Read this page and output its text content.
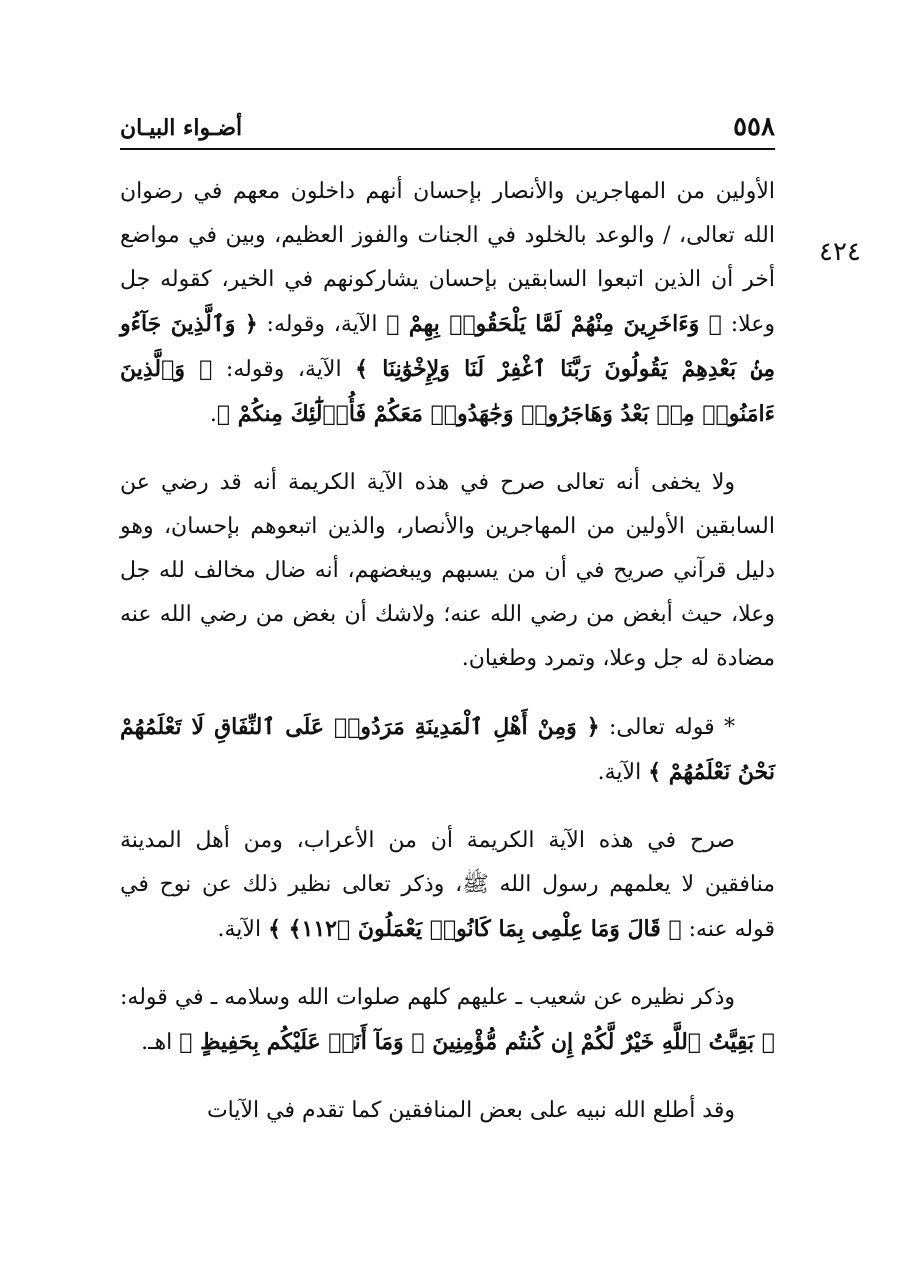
٥٥٨
أضـواء البيـان
٤٢٤

الأولين من المهاجرين والأنصار بإحسان أنهم داخلون معهم في رضوان الله تعالى، / والوعد بالخلود في الجنات والفوز العظيم، وبين في مواضع أخر أن الذين اتبعوا السابقين بإحسان يشاركونهم في الخير، كقوله جل وعلا: ﴿ وَءَاخَرِينَ مِنْهُمْ لَمَّا يَلْحَقُوا۟ بِهِمْ ﴾ الآية، وقوله: ﴿ وَٱلَّذِينَ جَآءُو مِنۢ بَعْدِهِمْ يَقُولُونَ رَبَّنَا ٱغْفِرْ لَنَا وَلِإِخْوَٰنِنَا ﴾ الآية، وقوله: ﴿ وَٱلَّذِينَ ءَامَنُوا۟ مِنۢ بَعْدُ وَهَاجَرُوا۟ وَجَٰهَدُوا۟ مَعَكُمْ فَأُو۟لَٰٓئِكَ مِنكُمْ ﴾.

ولا يخفى أنه تعالى صرح في هذه الآية الكريمة أنه قد رضي عن السابقين الأولين من المهاجرين والأنصار، والذين اتبعوهم بإحسان، وهو دليل قرآني صريح في أن من يسبهم ويبغضهم، أنه ضال مخالف لله جل وعلا، حيث أبغض من رضي الله عنه؛ ولاشك أن بغض من رضي الله عنه مضادة له جل وعلا، وتمرد وطغيان.

* قوله تعالى: ﴿ وَمِنْ أَهْلِ ٱلْمَدِينَةِ مَرَدُوا۟ عَلَى ٱلنِّفَاقِ لَا تَعْلَمُهُمْ نَحْنُ نَعْلَمُهُمْ ﴾ الآية.

صرح في هذه الآية الكريمة أن من الأعراب، ومن أهل المدينة منافقين لا يعلمهم رسول الله ﷺ، وذكر تعالى نظير ذلك عن نوح في قوله عنه: ﴿ قَالَ وَمَا عِلْمِى بِمَا كَانُوا۟ يَعْمَلُونَ ﴿١١٢﴾ ﴾ الآية.

وذكر نظيره عن شعيب ـ عليهم كلهم صلوات الله وسلامه ـ في قوله: ﴿ بَقِيَّتُ ٱللَّهِ خَيْرٌ لَّكُمْ إِن كُنتُم مُّؤْمِنِينَ ۚ وَمَآ أَنَا۠ عَلَيْكُم بِحَفِيظٍ ﴾ اهـ.

وقد أطلع الله نبيه على بعض المنافقين كما تقدم في الآيات
